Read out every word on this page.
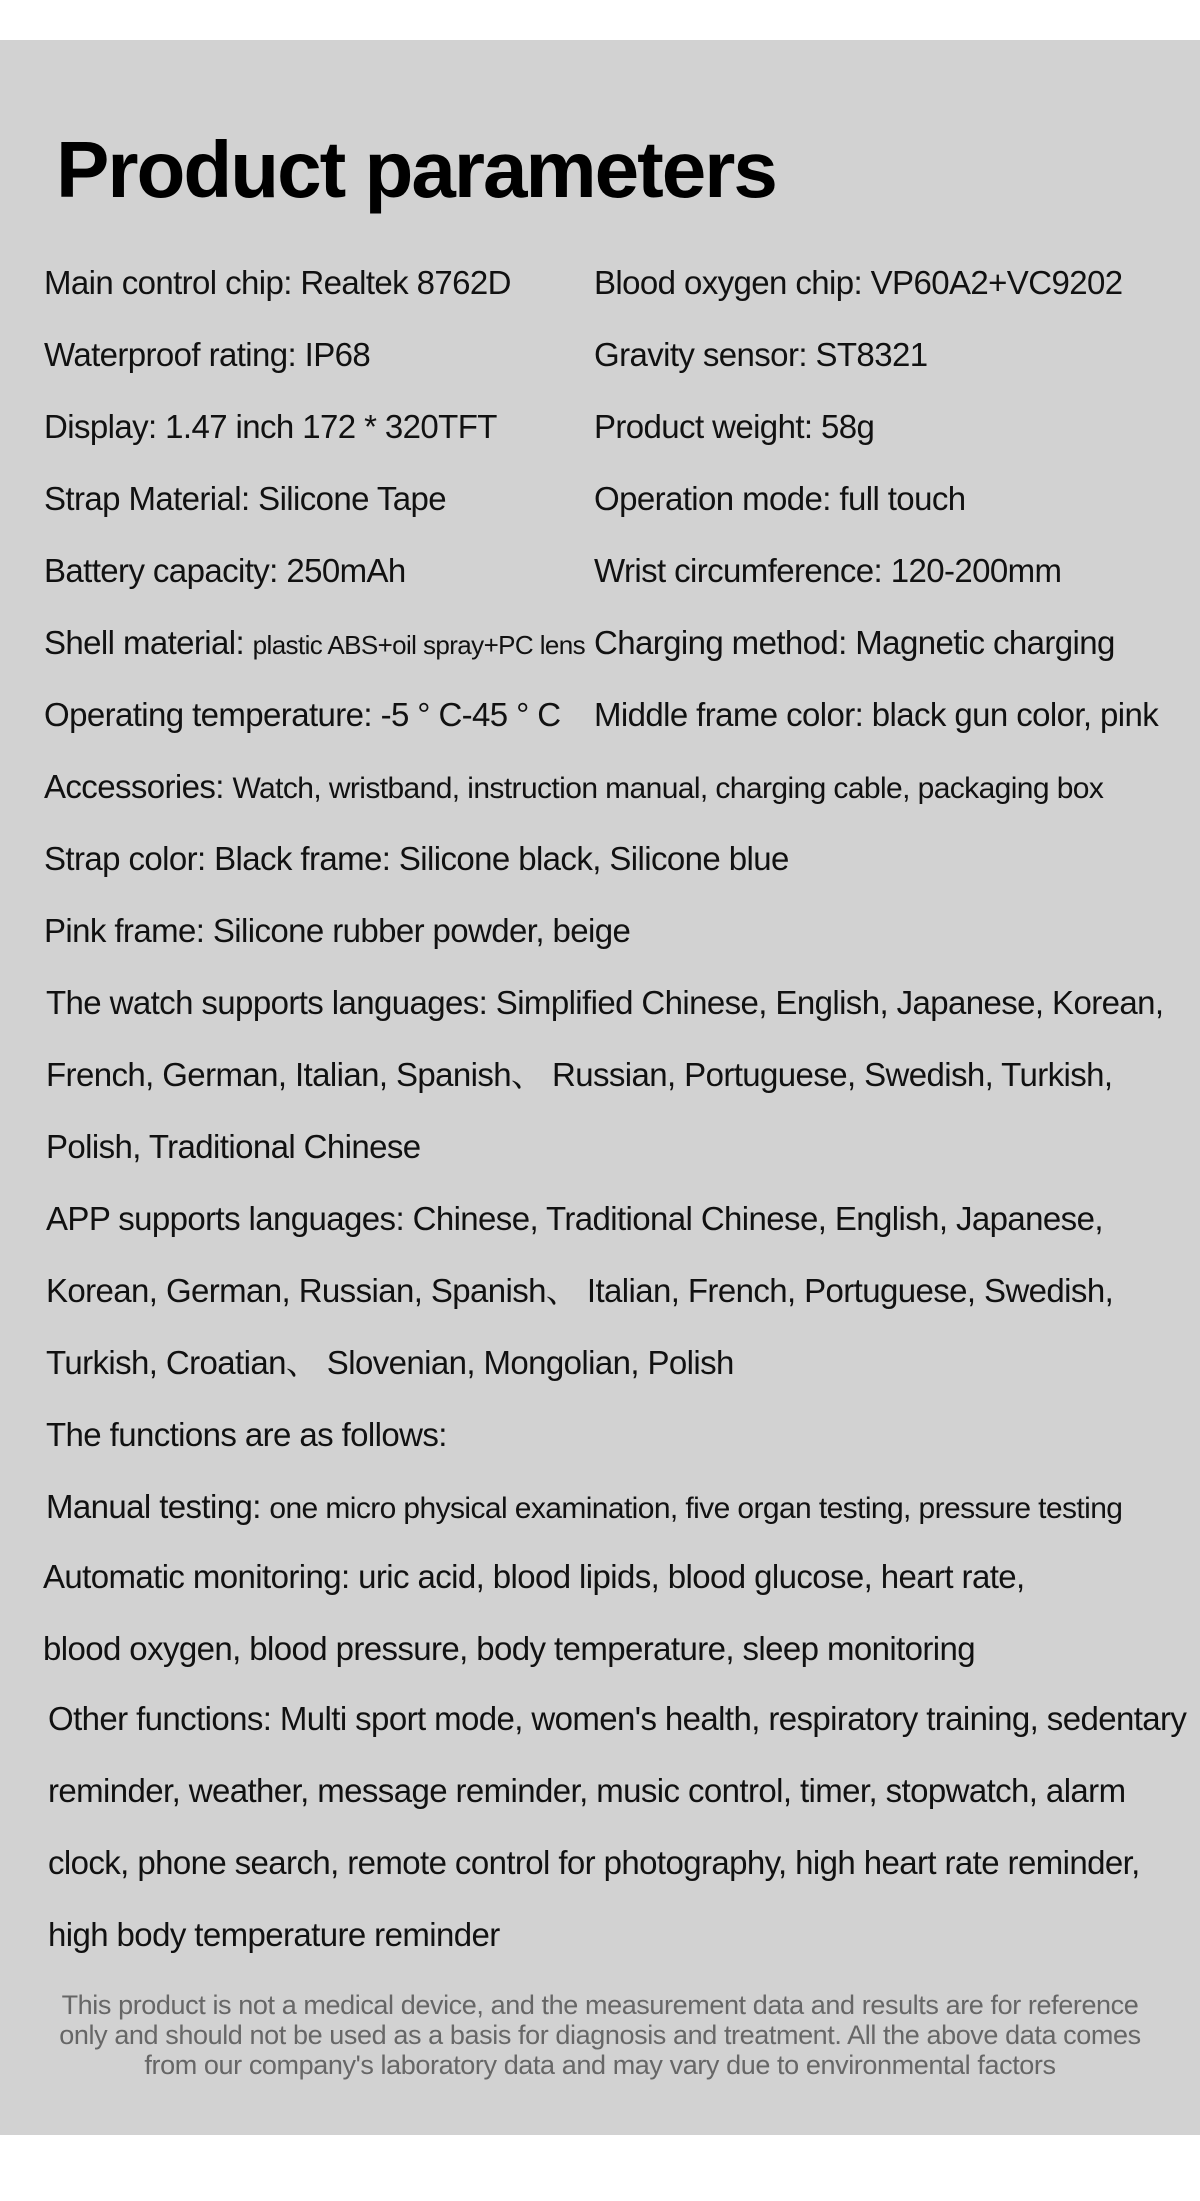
Product parameters
Main control chip: Realtek 8762D	Blood oxygen chip: VP60A2+VC9202
Waterproof rating: IP68	Gravity sensor: ST8321
Display: 1.47 inch 172 * 320TFT	Product weight: 58g
Strap Material: Silicone Tape	Operation mode: full touch
Battery capacity: 250mAh	Wrist circumference: 120-200mm
Shell material: plastic ABS+oil spray+PC lens Charging method: Magnetic charging
Operating temperature: -5 ° C-45 ° C Middle frame color: black gun color, pink
Accessories: Watch, wristband, instruction manual, charging cable, packaging box
Strap color: Black frame: Silicone black, Silicone blue
Pink frame: Silicone rubber powder, beige
The watch supports languages: Simplified Chinese, English, Japanese, Korean,
French, German, Italian, Spanish、 Russian, Portuguese, Swedish, Turkish,
Polish, Traditional Chinese
APP supports languages: Chinese, Traditional Chinese, English, Japanese,
Korean, German, Russian, Spanish、 Italian, French, Portuguese, Swedish,
Turkish, Croatian、 Slovenian, Mongolian, Polish
The functions are as follows:
Manual testing: one micro physical examination, five organ testing, pressure testing
Automatic monitoring: uric acid, blood lipids, blood glucose, heart rate,
blood oxygen, blood pressure, body temperature, sleep monitoring
Other functions: Multi sport mode, women's health, respiratory training, sedentary
reminder, weather, message reminder, music control, timer, stopwatch, alarm
clock, phone search, remote control for photography, high heart rate reminder,
high body temperature reminder
This product is not a medical device, and the measurement data and results are for reference
only and should not be used as a basis for diagnosis and treatment. All the above data comes
from our company's laboratory data and may vary due to environmental factors
